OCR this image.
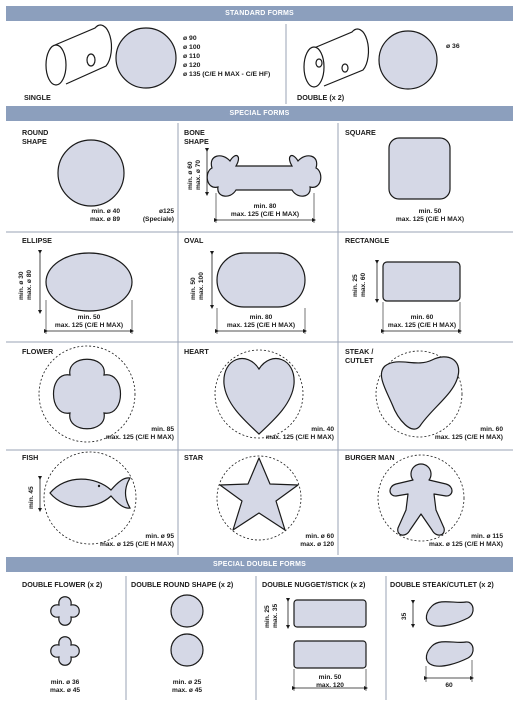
STANDARD FORMS
SPECIAL FORMS
SPECIAL DOUBLE FORMS
SINGLE
ø 90
ø 100
ø 110
ø 120
ø 135 (C/E H MAX - C/E HF)
DOUBLE (x 2)
ø 36
ROUND
SHAPE
min. ø 40
max. ø 89
ø125
(Speciale)
BONE
SHAPE
min. ø 60
max. ø 70
min. 80
max. 125 (C/E H MAX)
SQUARE
min. 50
max. 125 (C/E H MAX)
ELLIPSE
min. ø 30
max. ø 80
min. 50
max. 125 (C/E H MAX)
OVAL
min. 50
max. 100
min. 80
max. 125 (C/E H MAX)
RECTANGLE
min. 25
max. 60
min. 60
max. 125 (C/E H MAX)
FLOWER
min. 85
max. 125 (C/E H MAX)
HEART
min. 40
max. 125 (C/E H MAX)
STEAK /
CUTLET
min. 60
max. 125 (C/E H MAX)
FISH
min. 45
min. ø 95
max. ø 125 (C/E H MAX)
STAR
min. ø 60
max. ø 120
BURGER MAN
min. ø 115
max. ø 125 (C/E H MAX)
DOUBLE FLOWER (x 2)
min. ø 36
max. ø 45
DOUBLE ROUND SHAPE (x 2)
min. ø 25
max. ø 45
DOUBLE NUGGET/STICK (x 2)
min. 25
max. 35
min. 50
max. 120
DOUBLE STEAK/CUTLET (x 2)
35
60
